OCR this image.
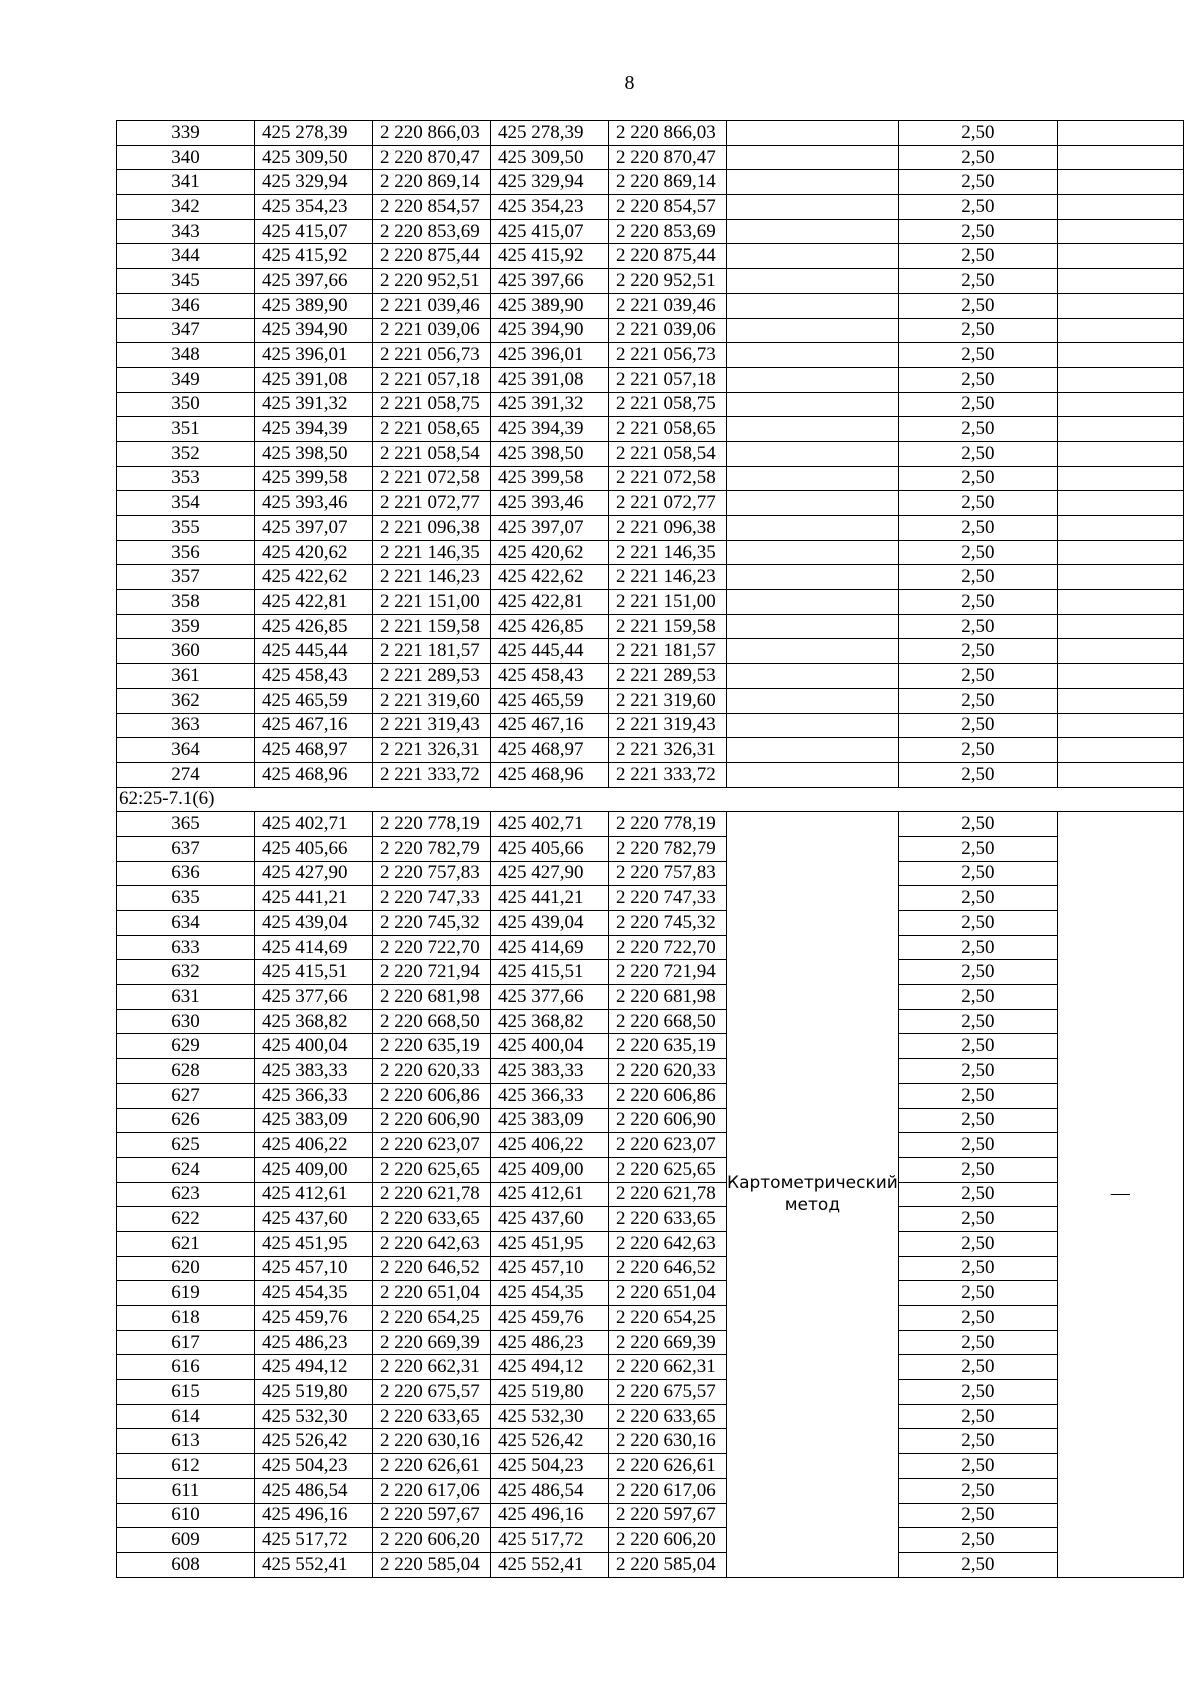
8
339	425 278,39	2 220 866,03	425 278,39	2 220 866,03		2,50	
340	425 309,50	2 220 870,47	425 309,50	2 220 870,47		2,50	
341	425 329,94	2 220 869,14	425 329,94	2 220 869,14		2,50	
342	425 354,23	2 220 854,57	425 354,23	2 220 854,57		2,50	
343	425 415,07	2 220 853,69	425 415,07	2 220 853,69		2,50	
344	425 415,92	2 220 875,44	425 415,92	2 220 875,44		2,50	
345	425 397,66	2 220 952,51	425 397,66	2 220 952,51		2,50	
346	425 389,90	2 221 039,46	425 389,90	2 221 039,46		2,50	
347	425 394,90	2 221 039,06	425 394,90	2 221 039,06		2,50	
348	425 396,01	2 221 056,73	425 396,01	2 221 056,73		2,50	
349	425 391,08	2 221 057,18	425 391,08	2 221 057,18		2,50	
350	425 391,32	2 221 058,75	425 391,32	2 221 058,75		2,50	
351	425 394,39	2 221 058,65	425 394,39	2 221 058,65		2,50	
352	425 398,50	2 221 058,54	425 398,50	2 221 058,54		2,50	
353	425 399,58	2 221 072,58	425 399,58	2 221 072,58		2,50	
354	425 393,46	2 221 072,77	425 393,46	2 221 072,77		2,50	
355	425 397,07	2 221 096,38	425 397,07	2 221 096,38		2,50	
356	425 420,62	2 221 146,35	425 420,62	2 221 146,35		2,50	
357	425 422,62	2 221 146,23	425 422,62	2 221 146,23		2,50	
358	425 422,81	2 221 151,00	425 422,81	2 221 151,00		2,50	
359	425 426,85	2 221 159,58	425 426,85	2 221 159,58		2,50	
360	425 445,44	2 221 181,57	425 445,44	2 221 181,57		2,50	
361	425 458,43	2 221 289,53	425 458,43	2 221 289,53		2,50	
362	425 465,59	2 221 319,60	425 465,59	2 221 319,60		2,50	
363	425 467,16	2 221 319,43	425 467,16	2 221 319,43		2,50	
364	425 468,97	2 221 326,31	425 468,97	2 221 326,31		2,50	
274	425 468,96	2 221 333,72	425 468,96	2 221 333,72		2,50	
62:25-7.1(6)							
365	425 402,71	2 220 778,19	425 402,71	2 220 778,19	Картометрический метод	2,50	—
637	425 405,66	2 220 782,79	425 405,66	2 220 782,79		2,50	
636	425 427,90	2 220 757,83	425 427,90	2 220 757,83		2,50	
635	425 441,21	2 220 747,33	425 441,21	2 220 747,33		2,50	
634	425 439,04	2 220 745,32	425 439,04	2 220 745,32		2,50	
633	425 414,69	2 220 722,70	425 414,69	2 220 722,70		2,50	
632	425 415,51	2 220 721,94	425 415,51	2 220 721,94		2,50	
631	425 377,66	2 220 681,98	425 377,66	2 220 681,98		2,50	
630	425 368,82	2 220 668,50	425 368,82	2 220 668,50		2,50	
629	425 400,04	2 220 635,19	425 400,04	2 220 635,19		2,50	
628	425 383,33	2 220 620,33	425 383,33	2 220 620,33		2,50	
627	425 366,33	2 220 606,86	425 366,33	2 220 606,86		2,50	
626	425 383,09	2 220 606,90	425 383,09	2 220 606,90		2,50	
625	425 406,22	2 220 623,07	425 406,22	2 220 623,07		2,50	
624	425 409,00	2 220 625,65	425 409,00	2 220 625,65		2,50	
623	425 412,61	2 220 621,78	425 412,61	2 220 621,78		2,50	
622	425 437,60	2 220 633,65	425 437,60	2 220 633,65		2,50	
621	425 451,95	2 220 642,63	425 451,95	2 220 642,63		2,50	
620	425 457,10	2 220 646,52	425 457,10	2 220 646,52		2,50	
619	425 454,35	2 220 651,04	425 454,35	2 220 651,04		2,50	
618	425 459,76	2 220 654,25	425 459,76	2 220 654,25		2,50	
617	425 486,23	2 220 669,39	425 486,23	2 220 669,39		2,50	
616	425 494,12	2 220 662,31	425 494,12	2 220 662,31		2,50	
615	425 519,80	2 220 675,57	425 519,80	2 220 675,57		2,50	
614	425 532,30	2 220 633,65	425 532,30	2 220 633,65		2,50	
613	425 526,42	2 220 630,16	425 526,42	2 220 630,16		2,50	
612	425 504,23	2 220 626,61	425 504,23	2 220 626,61		2,50	
611	425 486,54	2 220 617,06	425 486,54	2 220 617,06		2,50	
610	425 496,16	2 220 597,67	425 496,16	2 220 597,67		2,50	
609	425 517,72	2 220 606,20	425 517,72	2 220 606,20		2,50	
608	425 552,41	2 220 585,04	425 552,41	2 220 585,04		2,50	
